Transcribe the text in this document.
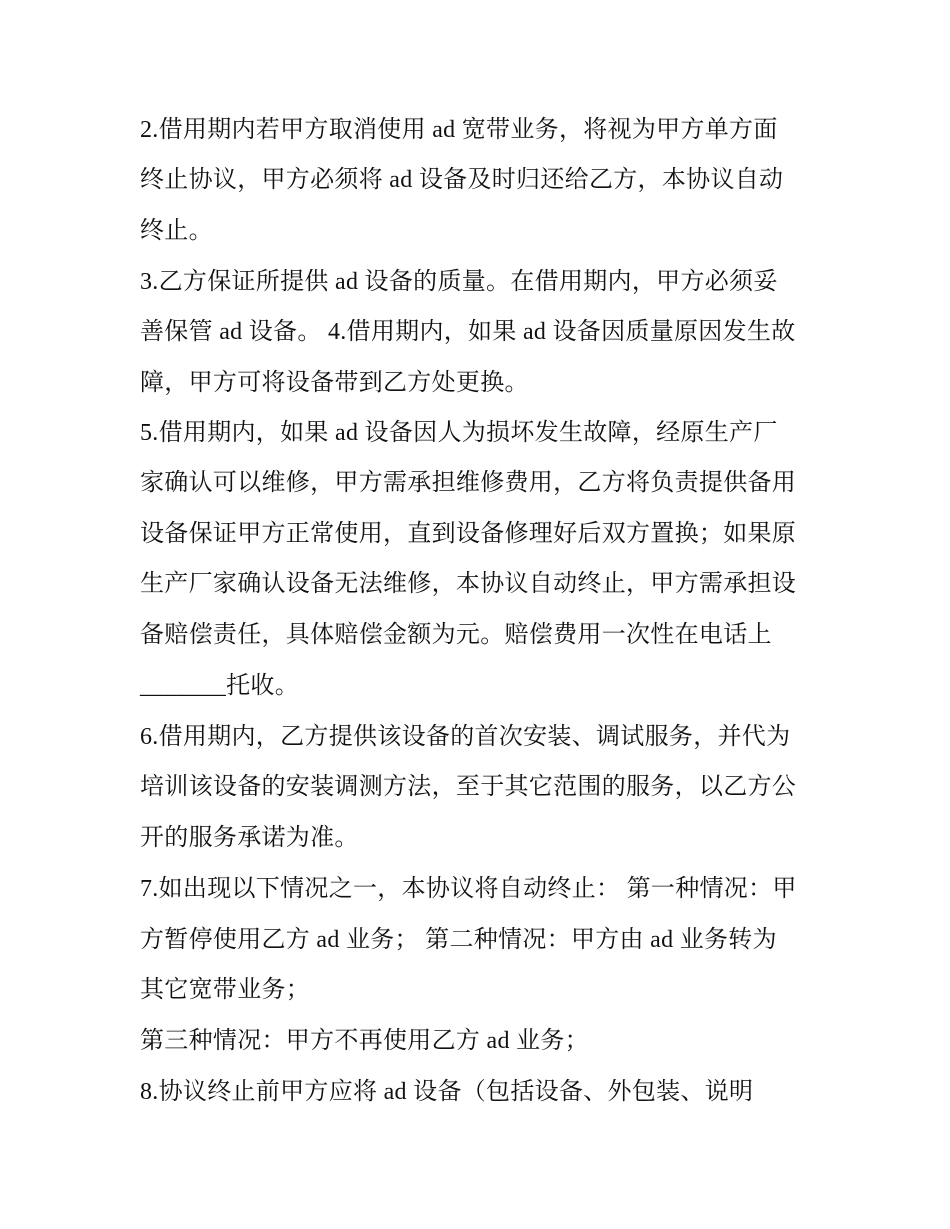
2.借用期内若甲方取消使用 ad 宽带业务，将视为甲方单方面
终止协议，甲方必须将 ad 设备及时归还给乙方，本协议自动
终止。
3.乙方保证所提供 ad 设备的质量。在借用期内，甲方必须妥
善保管 ad 设备。 4.借用期内，如果 ad 设备因质量原因发生故
障，甲方可将设备带到乙方处更换。
5.借用期内，如果 ad 设备因人为损坏发生故障，经原生产厂
家确认可以维修，甲方需承担维修费用，乙方将负责提供备用
设备保证甲方正常使用，直到设备修理好后双方置换；如果原
生产厂家确认设备无法维修，本协议自动终止，甲方需承担设
备赔偿责任，具体赔偿金额为元。赔偿费用一次性在电话上
_______托收。
6.借用期内，乙方提供该设备的首次安装、调试服务，并代为
培训该设备的安装调测方法，至于其它范围的服务，以乙方公
开的服务承诺为准。
7.如出现以下情况之一，本协议将自动终止： 第一种情况：甲
方暂停使用乙方 ad 业务； 第二种情况：甲方由 ad 业务转为
其它宽带业务；
第三种情况：甲方不再使用乙方 ad 业务；
8.协议终止前甲方应将 ad 设备（包括设备、外包装、说明
